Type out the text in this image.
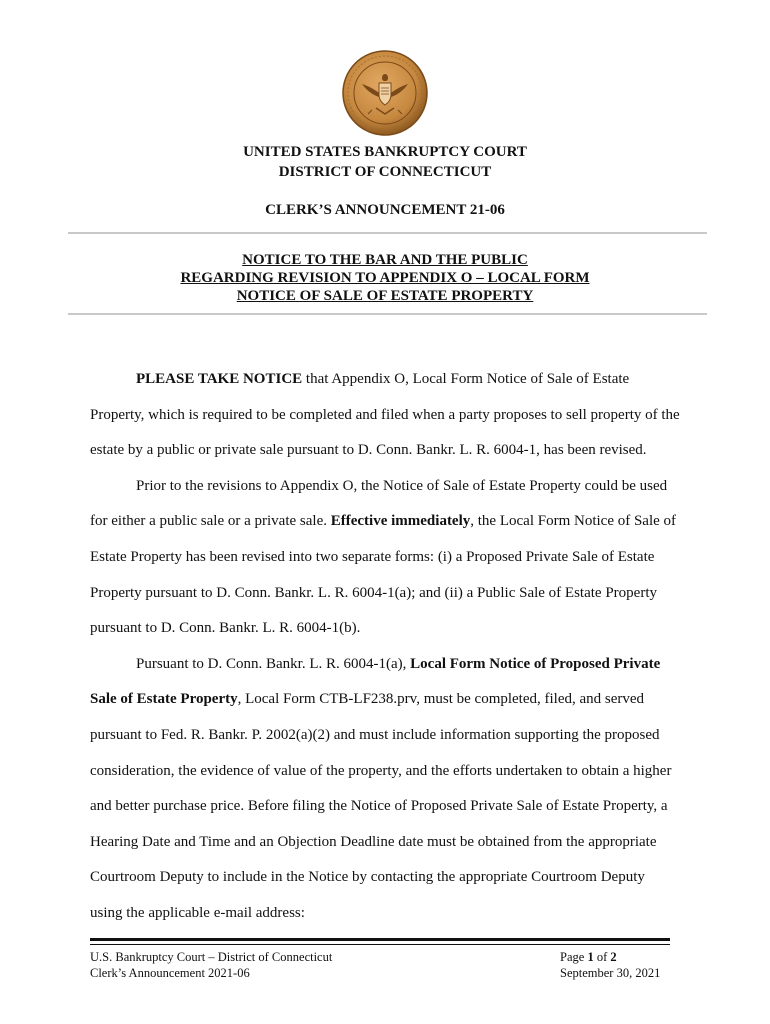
UNITED STATES BANKRUPTCY COURT
DISTRICT OF CONNECTICUT
CLERK’S ANNOUNCEMENT 21-06
NOTICE TO THE BAR AND THE PUBLIC
REGARDING REVISION TO APPENDIX O – LOCAL FORM
NOTICE OF SALE OF ESTATE PROPERTY

PLEASE TAKE NOTICE that Appendix O, Local Form Notice of Sale of Estate Property, which is required to be completed and filed when a party proposes to sell property of the estate by a public or private sale pursuant to D. Conn. Bankr. L. R. 6004-1, has been revised.

Prior to the revisions to Appendix O, the Notice of Sale of Estate Property could be used for either a public sale or a private sale. Effective immediately, the Local Form Notice of Sale of Estate Property has been revised into two separate forms: (i) a Proposed Private Sale of Estate Property pursuant to D. Conn. Bankr. L. R. 6004-1(a); and (ii) a Public Sale of Estate Property pursuant to D. Conn. Bankr. L. R. 6004-1(b).

Pursuant to D. Conn. Bankr. L. R. 6004-1(a), Local Form Notice of Proposed Private Sale of Estate Property, Local Form CTB-LF238.prv, must be completed, filed, and served pursuant to Fed. R. Bankr. P. 2002(a)(2) and must include information supporting the proposed consideration, the evidence of value of the property, and the efforts undertaken to obtain a higher and better purchase price. Before filing the Notice of Proposed Private Sale of Estate Property, a Hearing Date and Time and an Objection Deadline date must be obtained from the appropriate Courtroom Deputy to include in the Notice by contacting the appropriate Courtroom Deputy using the applicable e-mail address:

U.S. Bankruptcy Court – District of Connecticut
Clerk’s Announcement 2021-06
Page 1 of 2
September 30, 2021
